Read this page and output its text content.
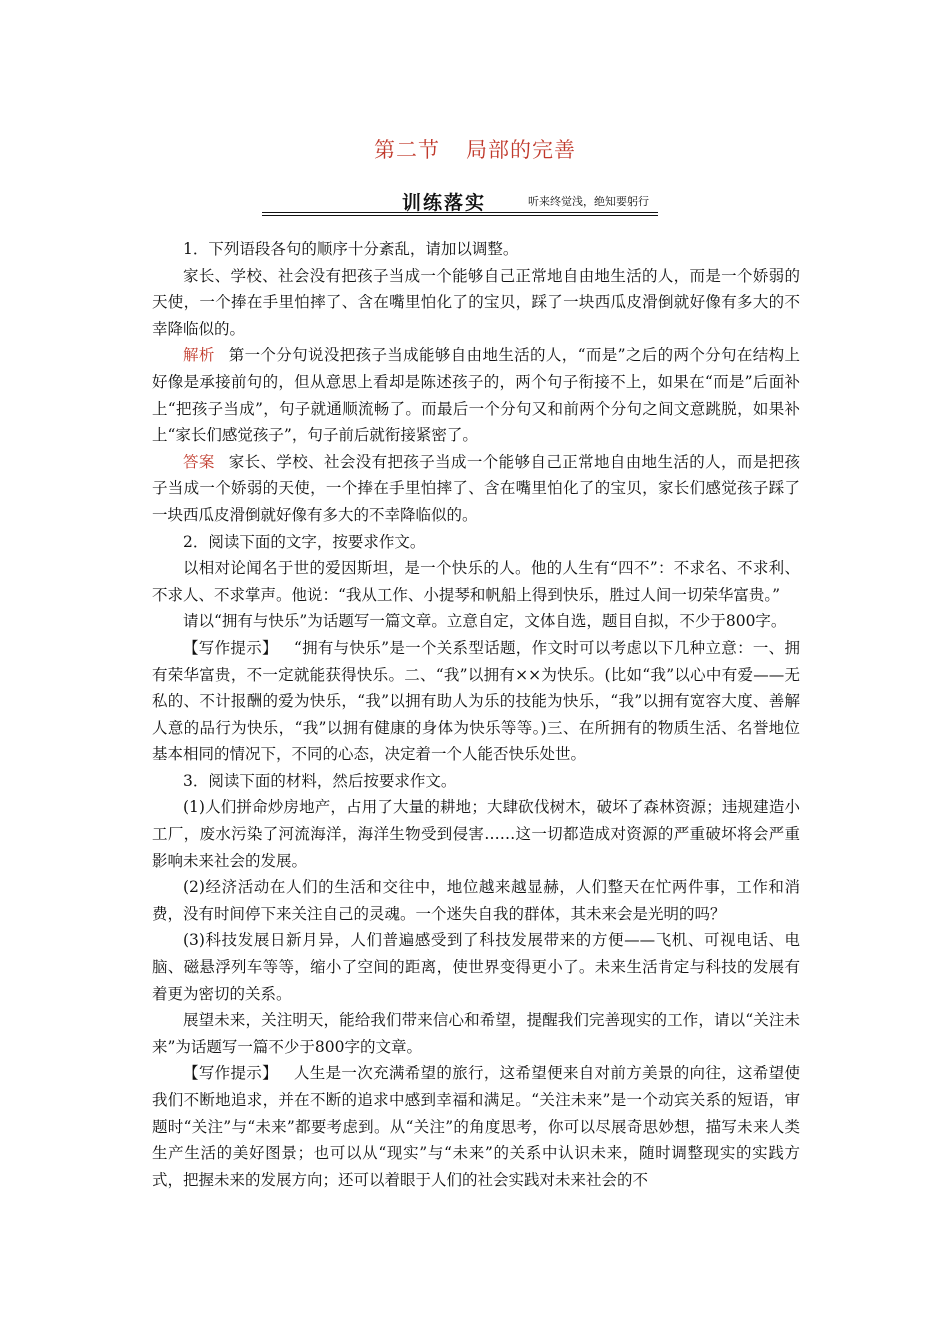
第二节 局部的完善
训练落实	听来终觉浅，绝知要躬行

1．下列语段各句的顺序十分紊乱，请加以调整。

家长、学校、社会没有把孩子当成一个能够自己正常地自由地生活的人，而是一个娇弱的天使，一个捧在手里怕摔了、含在嘴里怕化了的宝贝，踩了一块西瓜皮滑倒就好像有多大的不幸降临似的。

解析 第一个分句说没把孩子当成能够自由地生活的人，“而是”之后的两个分句在结构上好像是承接前句的，但从意思上看却是陈述孩子的，两个句子衔接不上，如果在“而是”后面补上“把孩子当成”，句子就通顺流畅了。而最后一个分句又和前两个分句之间文意跳脱，如果补上“家长们感觉孩子”，句子前后就衔接紧密了。

答案 家长、学校、社会没有把孩子当成一个能够自己正常地自由地生活的人，而是把孩子当成一个娇弱的天使，一个捧在手里怕摔了、含在嘴里怕化了的宝贝，家长们感觉孩子踩了一块西瓜皮滑倒就好像有多大的不幸降临似的。

2．阅读下面的文字，按要求作文。

以相对论闻名于世的爱因斯坦，是一个快乐的人。他的人生有“四不”：不求名、不求利、不求人、不求掌声。他说：“我从工作、小提琴和帆船上得到快乐，胜过人间一切荣华富贵。”

请以“拥有与快乐”为话题写一篇文章。立意自定，文体自选，题目自拟，不少于800字。

【写作提示】 “拥有与快乐”是一个关系型话题，作文时可以考虑以下几种立意：一、拥有荣华富贵，不一定就能获得快乐。二、“我”以拥有××为快乐。(比如“我”以心中有爱——无私的、不计报酬的爱为快乐，“我”以拥有助人为乐的技能为快乐，“我”以拥有宽容大度、善解人意的品行为快乐，“我”以拥有健康的身体为快乐等等。)三、在所拥有的物质生活、名誉地位基本相同的情况下，不同的心态，决定着一个人能否快乐处世。

3．阅读下面的材料，然后按要求作文。

(1)人们拼命炒房地产，占用了大量的耕地；大肆砍伐树木，破坏了森林资源；违规建造小工厂，废水污染了河流海洋，海洋生物受到侵害……这一切都造成对资源的严重破坏将会严重影响未来社会的发展。

(2)经济活动在人们的生活和交往中，地位越来越显赫，人们整天在忙两件事，工作和消费，没有时间停下来关注自己的灵魂。一个迷失自我的群体，其未来会是光明的吗？

(3)科技发展日新月异，人们普遍感受到了科技发展带来的方便——飞机、可视电话、电脑、磁悬浮列车等等，缩小了空间的距离，使世界变得更小了。未来生活肯定与科技的发展有着更为密切的关系。

展望未来，关注明天，能给我们带来信心和希望，提醒我们完善现实的工作，请以“关注未来”为话题写一篇不少于800字的文章。

【写作提示】 人生是一次充满希望的旅行，这希望便来自对前方美景的向往，这希望使我们不断地追求，并在不断的追求中感到幸福和满足。“关注未来”是一个动宾关系的短语，审题时“关注”与“未来”都要考虑到。从“关注”的角度思考，你可以尽展奇思妙想，描写未来人类生产生活的美好图景；也可以从“现实”与“未来”的关系中认识未来，随时调整现实的实践方式，把握未来的发展方向；还可以着眼于人们的社会实践对未来社会的不
